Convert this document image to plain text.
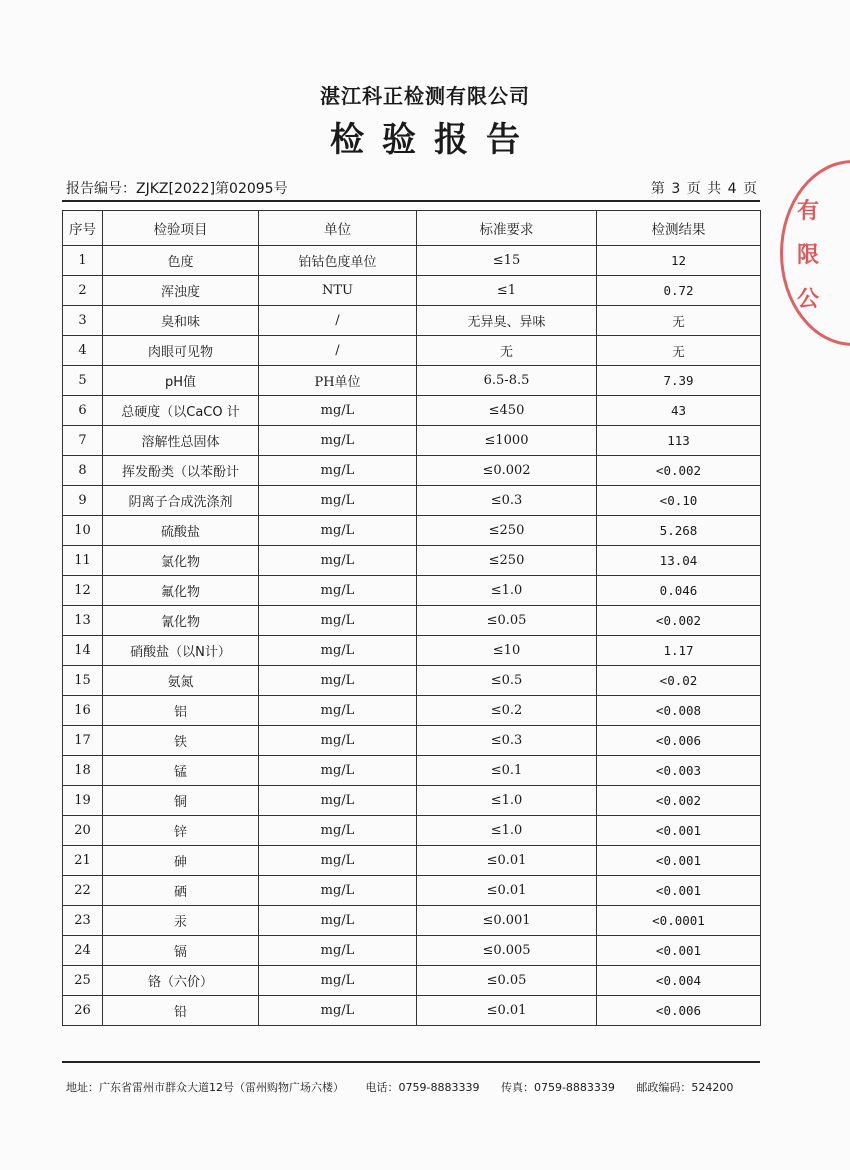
湛江科正检测有限公司
检验报告
报告编号：ZJKZ[2022]第02095号	第 3 页 共 4 页
序号	检验项目	单位	标准要求	检测结果
1	色度	铂钴色度单位	≤15	12
2	浑浊度	NTU	≤1	0.72
3	臭和味	/	无异臭、异味	无
4	肉眼可见物	/	无	无
5	pH值	PH单位	6.5-8.5	7.39
6	总硬度（以CaCO 计	mg/L	≤450	43
7	溶解性总固体	mg/L	≤1000	113
8	挥发酚类（以苯酚计	mg/L	≤0.002	<0.002
9	阴离子合成洗涤剂	mg/L	≤0.3	<0.10
10	硫酸盐	mg/L	≤250	5.268
11	氯化物	mg/L	≤250	13.04
12	氟化物	mg/L	≤1.0	0.046
13	氰化物	mg/L	≤0.05	<0.002
14	硝酸盐（以N计）	mg/L	≤10	1.17
15	氨氮	mg/L	≤0.5	<0.02
16	铝	mg/L	≤0.2	<0.008
17	铁	mg/L	≤0.3	<0.006
18	锰	mg/L	≤0.1	<0.003
19	铜	mg/L	≤1.0	<0.002
20	锌	mg/L	≤1.0	<0.001
21	砷	mg/L	≤0.01	<0.001
22	硒	mg/L	≤0.01	<0.001
23	汞	mg/L	≤0.001	<0.0001
24	镉	mg/L	≤0.005	<0.001
25	铬（六价）	mg/L	≤0.05	<0.004
26	铅	mg/L	≤0.01	<0.006
地址：广东省雷州市群众大道12号（雷州购物广场六楼） 电话：0759-8883339 传真：0759-8883339 邮政编码：524200
有限公
